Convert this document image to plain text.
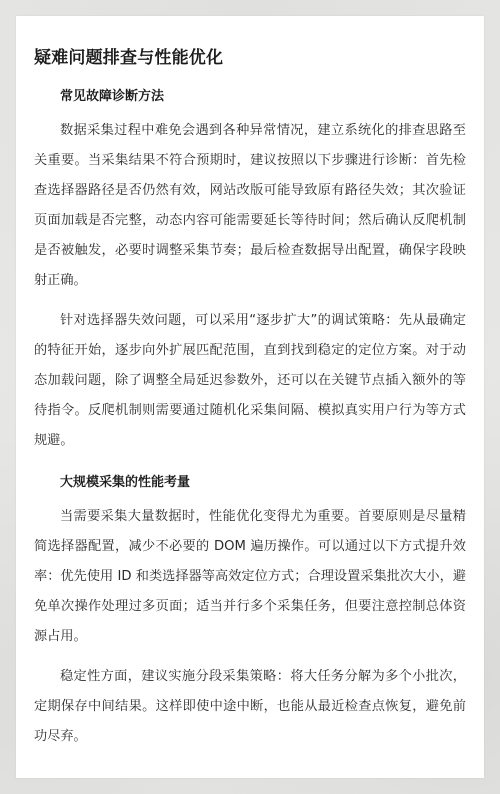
疑难问题排查与性能优化
常见故障诊断方法

数据采集过程中难免会遇到各种异常情况，建立系统化的排查思路至关重要。当采集结果不符合预期时，建议按照以下步骤进行诊断：首先检查选择器路径是否仍然有效，网站改版可能导致原有路径失效；其次验证页面加载是否完整，动态内容可能需要延长等待时间；然后确认反爬机制是否被触发，必要时调整采集节奏；最后检查数据导出配置，确保字段映射正确。

针对选择器失效问题，可以采用“逐步扩大”的调试策略：先从最确定的特征开始，逐步向外扩展匹配范围，直到找到稳定的定位方案。对于动态加载问题，除了调整全局延迟参数外，还可以在关键节点插入额外的等待指令。反爬机制则需要通过随机化采集间隔、模拟真实用户行为等方式规避。

大规模采集的性能考量

当需要采集大量数据时，性能优化变得尤为重要。首要原则是尽量精简选择器配置，减少不必要的 DOM 遍历操作。可以通过以下方式提升效率：优先使用 ID 和类选择器等高效定位方式；合理设置采集批次大小，避免单次操作处理过多页面；适当并行多个采集任务，但要注意控制总体资源占用。

稳定性方面，建议实施分段采集策略：将大任务分解为多个小批次，定期保存中间结果。这样即使中途中断，也能从最近检查点恢复，避免前功尽弃。
